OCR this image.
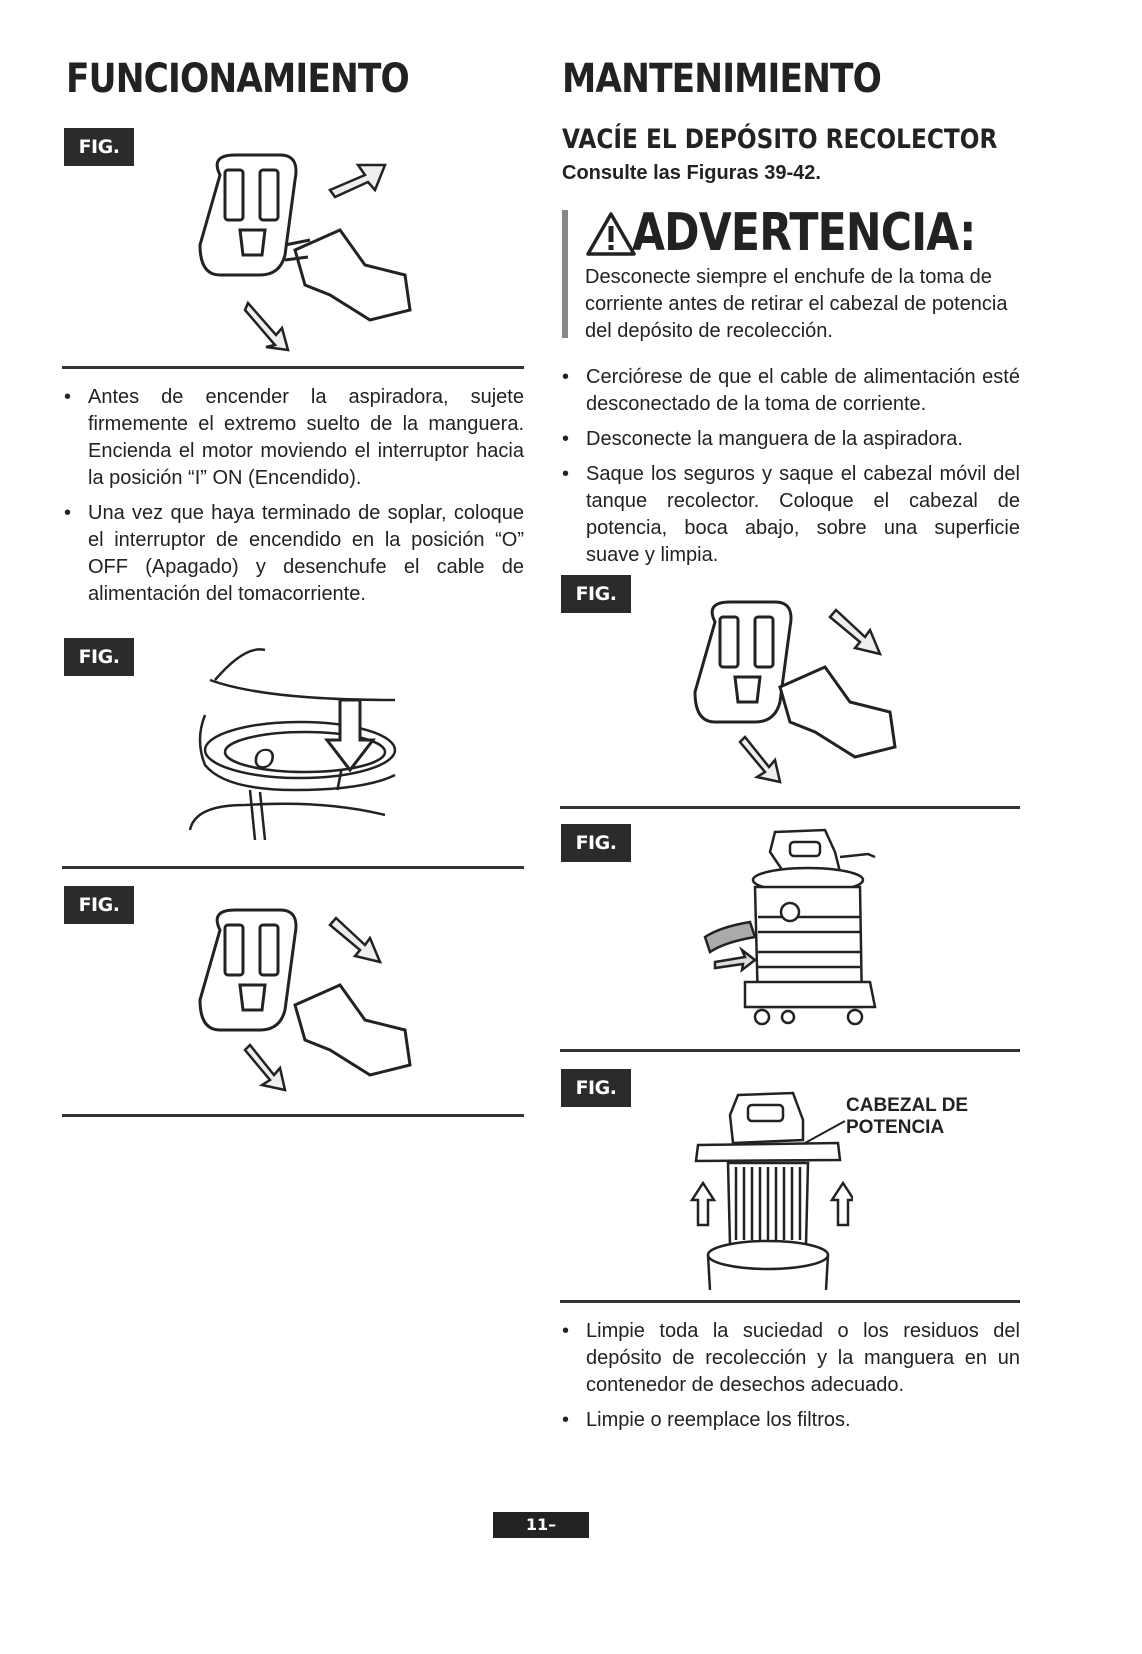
FUNCIONAMIENTO
FIG. 36
• Antes de encender la aspiradora, sujete firmemente el extremo suelto de la manguera. Encienda el motor moviendo el interruptor hacia la posición “I” ON (Encendido).
• Una vez que haya terminado de soplar, coloque el interruptor de encendido en la posición “O” OFF (Apagado) y desenchufe el cable de alimentación del tomacorriente.
FIG. 37
O
I
FIG. 38
MANTENIMIENTO
VACÍE EL DEPÓSITO RECOLECTOR
Consulte las Figuras 39-42.
ADVERTENCIA:
Desconecte siempre el enchufe de la toma de corriente antes de retirar el cabezal de potencia del depósito de recolección.
• Cerciórese de que el cable de alimentación esté desconectado de la toma de corriente.
• Desconecte la manguera de la aspiradora.
• Saque los seguros y saque el cabezal móvil del tanque recolector. Coloque el cabezal de potencia, boca abajo, sobre una superficie suave y limpia.
FIG. 39
FIG. 40
FIG. 41
CABEZAL DE
POTENCIA
• Limpie toda la suciedad o los residuos del depósito de recolección y la manguera en un contenedor de desechos adecuado.
• Limpie o reemplace los filtros.
11–Spanish
